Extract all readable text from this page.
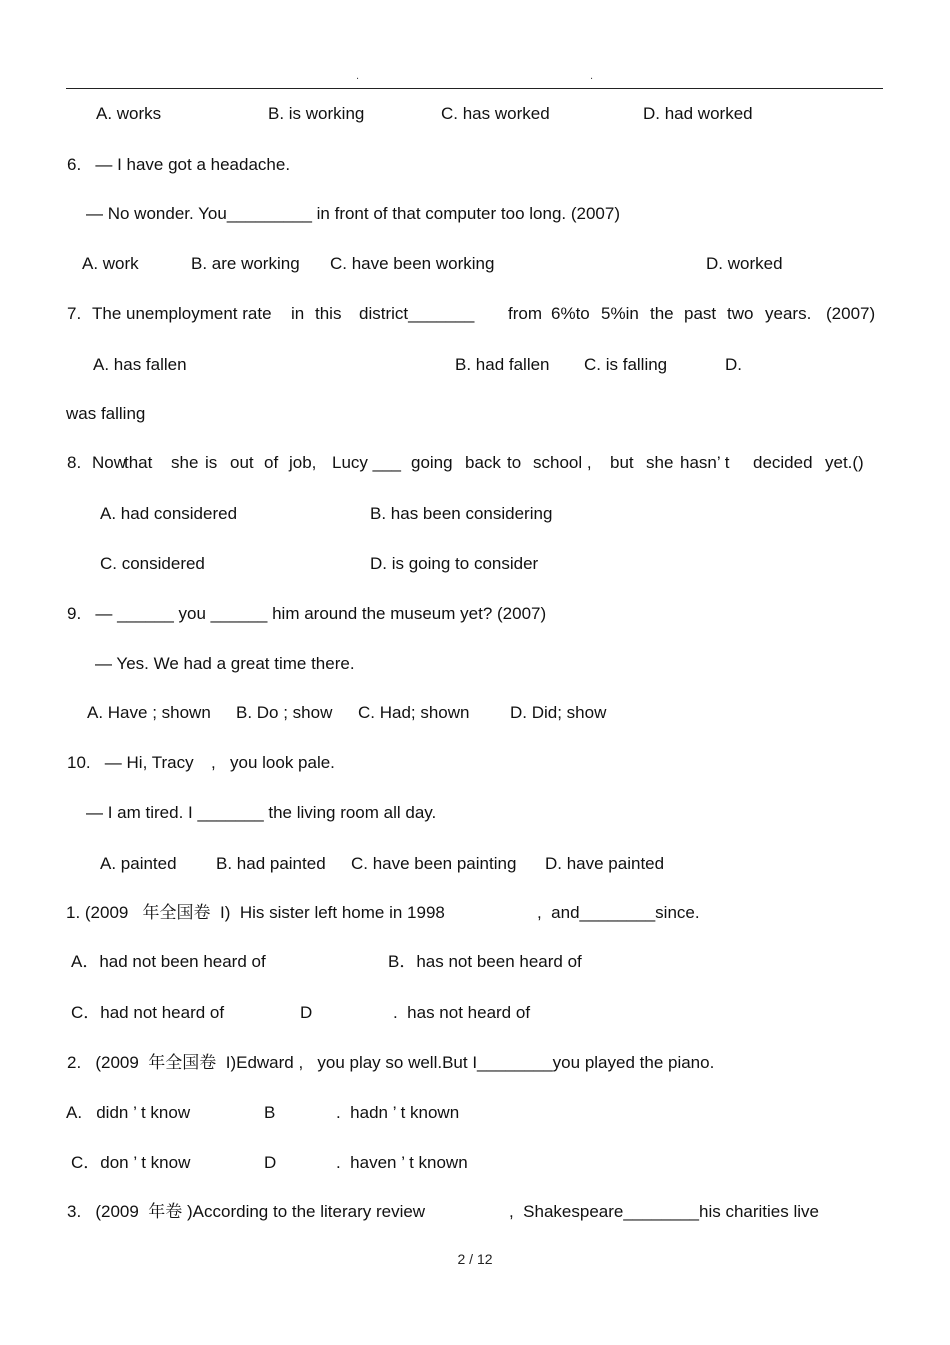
.	.
A. works	B. is working	C. has worked	D. had worked
6.   — I have got a headache.
— No wonder. You_________ in front of that computer too long. (2007)
A. work	B. are working C. have been working	D. worked
7. The unemployment rate in this district_______ from 6%to 5%in the past two years. (2007)
A. has fallen	B. had fallen C. is falling	D.
was falling
8. Now
that she is out of job, Lucy ___ going back to school , but she hasn’ t decided yet.()
A. had considered	B. has been considering
C. considered	D. is going to consider
9.   — ______ you ______ him around the museum yet? (2007)
— Yes. We had a great time there.
A. Have ; shown B. Do ; show C. Had; shown D. Did; show
10.   — Hi, Tracy , you look pale.
— I am tired. I _______ the living room all day.
A. painted B. had painted C. have been painting D. have painted
1. (2009   年全国卷  I)  His sister left home in 1998	,  and________since.
A．had not been heard of	B．has not been heard of
C．had not heard of	D	.  has not heard of
2.   (2009  年全国卷  I)Edward ,   you play so well.But I________you played the piano.
A.   didn ’ t know	B	.  hadn ’ t known
C．don ’ t know	D	.  haven ’ t known
3.   (2009  年卷 )According to the literary review	,  Shakespeare________his charities live
2 / 12
